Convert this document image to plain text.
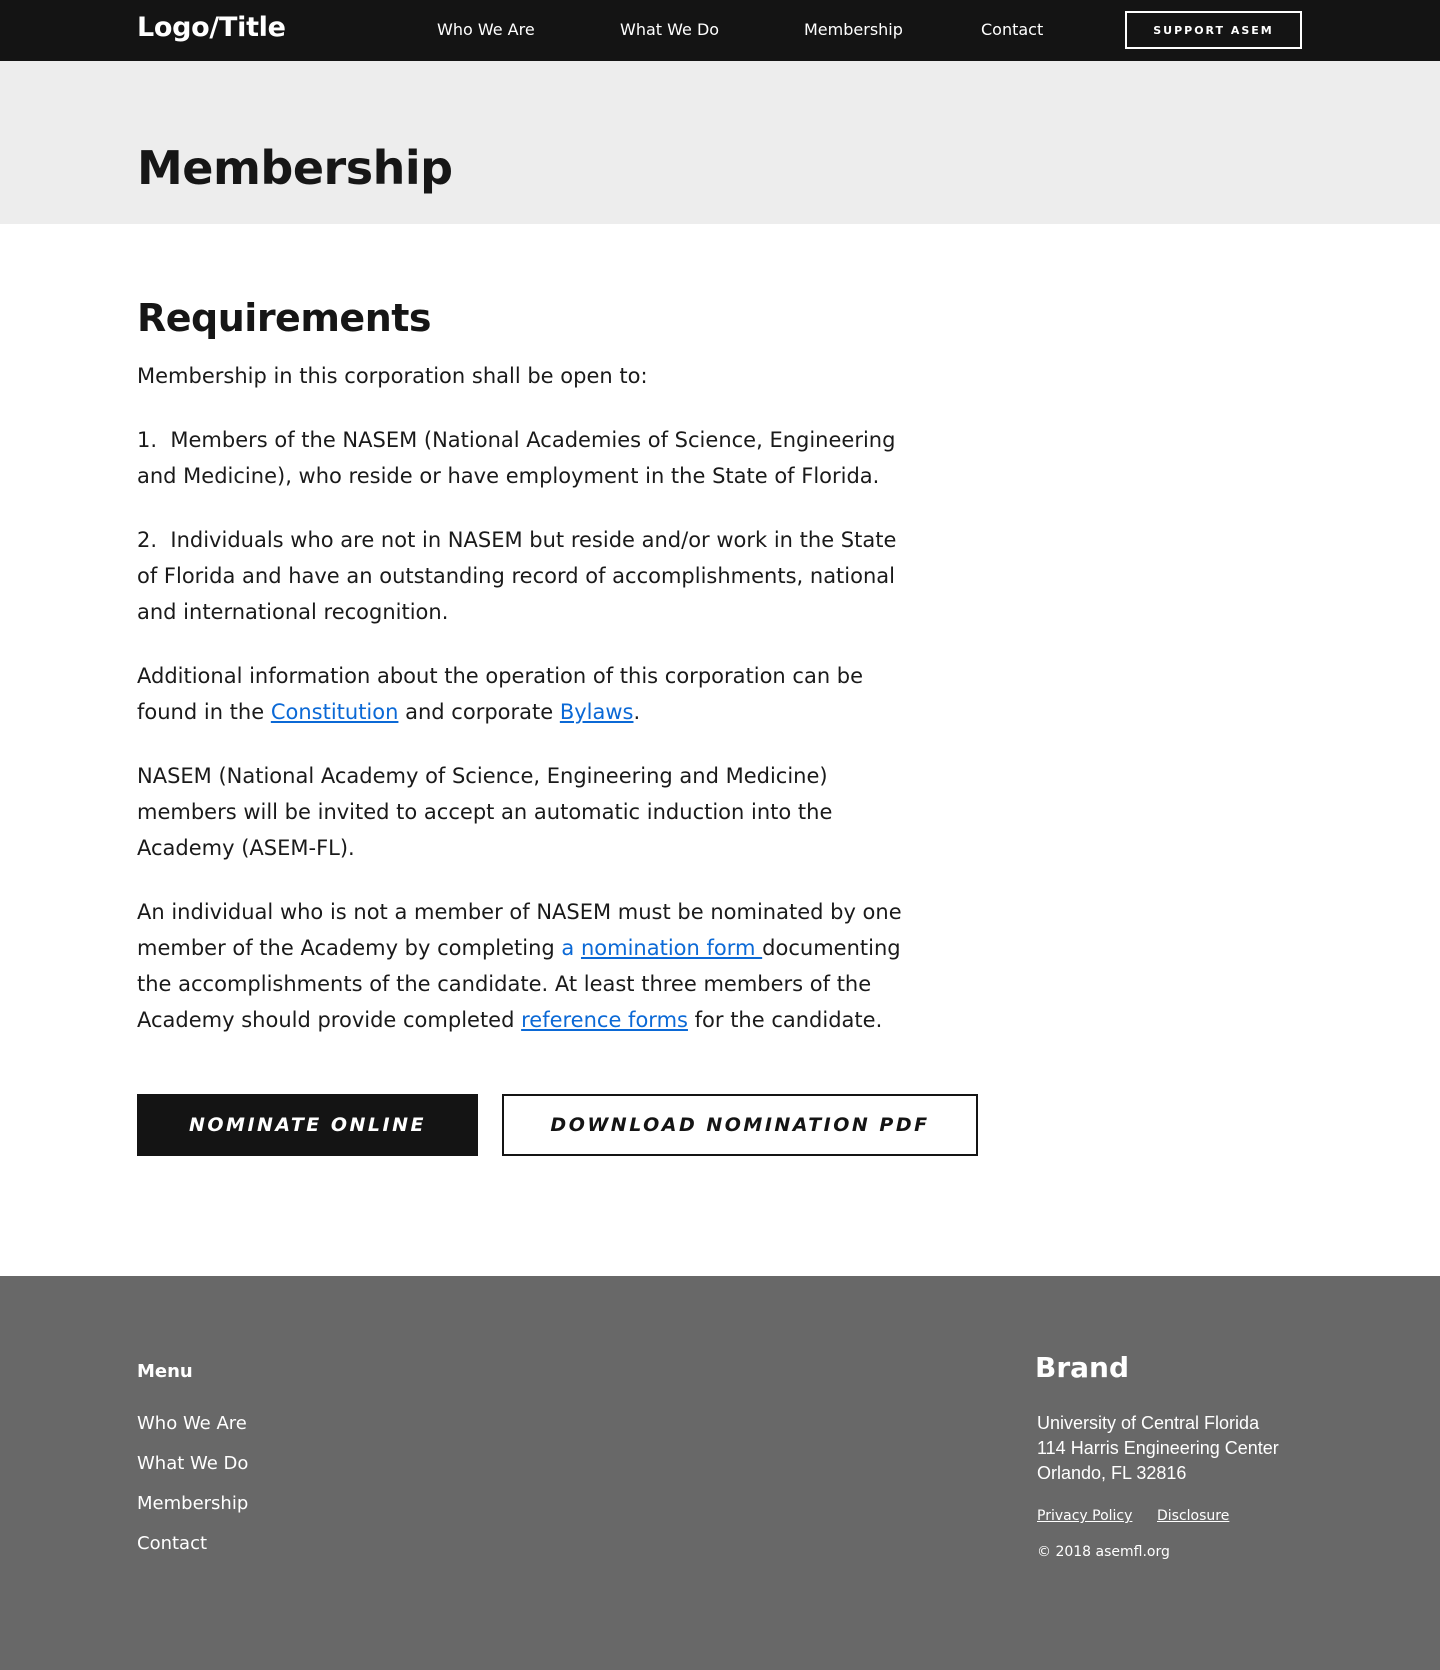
Logo/Title	Who We Are	What We Do	Membership	Contact	SUPPORT ASEM
Membership
Requirements

Membership in this corporation shall be open to:

1.  Members of the NASEM (National Academies of Science, Engineering and Medicine), who reside or have employment in the State of Florida.

2.  Individuals who are not in NASEM but reside and/or work in the State of Florida and have an outstanding record of accomplishments, national and international recognition.

Additional information about the operation of this corporation can be found in the Constitution and corporate Bylaws.

NASEM (National Academy of Science, Engineering and Medicine) members will be invited to accept an automatic induction into the Academy (ASEM-FL).

An individual who is not a member of NASEM must be nominated by one member of the Academy by completing a nomination form documenting the accomplishments of the candidate. At least three members of the Academy should provide completed reference forms for the candidate.

NOMINATE ONLINE	DOWNLOAD NOMINATION PDF
Menu
Who We Are
What We Do
Membership
Contact
Brand
University of Central Florida
114 Harris Engineering Center
Orlando, FL 32816
Privacy Policy Disclosure
© 2018 asemfl.org
